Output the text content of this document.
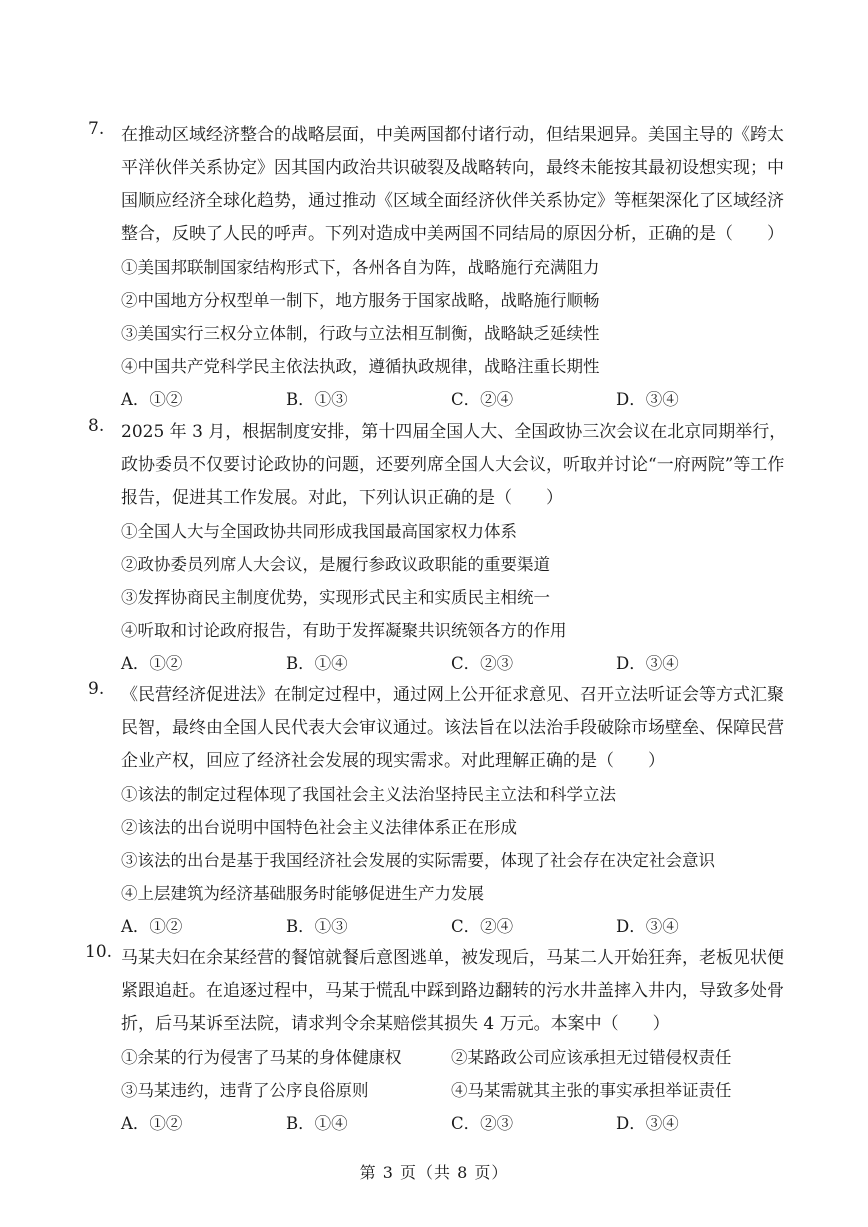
7. 在推动区域经济整合的战略层面，中美两国都付诸行动，但结果迥异。美国主导的《跨太平洋伙伴关系协定》因其国内政治共识破裂及战略转向，最终未能按其最初设想实现；中国顺应经济全球化趋势，通过推动《区域全面经济伙伴关系协定》等框架深化了区域经济整合，反映了人民的呼声。下列对造成中美两国不同结局的原因分析，正确的是（　　）
①美国邦联制国家结构形式下，各州各自为阵，战略施行充满阻力
②中国地方分权型单一制下，地方服务于国家战略，战略施行顺畅
③美国实行三权分立体制，行政与立法相互制衡，战略缺乏延续性
④中国共产党科学民主依法执政，遵循执政规律，战略注重长期性
A．①②	B．①③	C．②④	D．③④
8. 2025 年 3 月，根据制度安排，第十四届全国人大、全国政协三次会议在北京同期举行，政协委员不仅要讨论政协的问题，还要列席全国人大会议，听取并讨论“一府两院”等工作报告，促进其工作发展。对此，下列认识正确的是（　　）
①全国人大与全国政协共同形成我国最高国家权力体系
②政协委员列席人大会议，是履行参政议政职能的重要渠道
③发挥协商民主制度优势，实现形式民主和实质民主相统一
④听取和讨论政府报告，有助于发挥凝聚共识统领各方的作用
A．①②	B．①④	C．②③	D．③④
9. 《民营经济促进法》在制定过程中，通过网上公开征求意见、召开立法听证会等方式汇聚民智，最终由全国人民代表大会审议通过。该法旨在以法治手段破除市场壁垒、保障民营企业产权，回应了经济社会发展的现实需求。对此理解正确的是（　　）
①该法的制定过程体现了我国社会主义法治坚持民主立法和科学立法
②该法的出台说明中国特色社会主义法律体系正在形成
③该法的出台是基于我国经济社会发展的实际需要，体现了社会存在决定社会意识
④上层建筑为经济基础服务时能够促进生产力发展
A．①②	B．①③	C．②④	D．③④
10. 马某夫妇在余某经营的餐馆就餐后意图逃单，被发现后，马某二人开始狂奔，老板见状便紧跟追赶。在追逐过程中，马某于慌乱中踩到路边翻转的污水井盖摔入井内，导致多处骨折，后马某诉至法院，请求判令余某赔偿其损失 4 万元。本案中（　　）
①余某的行为侵害了马某的身体健康权	②某路政公司应该承担无过错侵权责任
③马某违约，违背了公序良俗原则	④马某需就其主张的事实承担举证责任
A．①②	B．①④	C．②③	D．③④
第 3 页（共 8 页）
